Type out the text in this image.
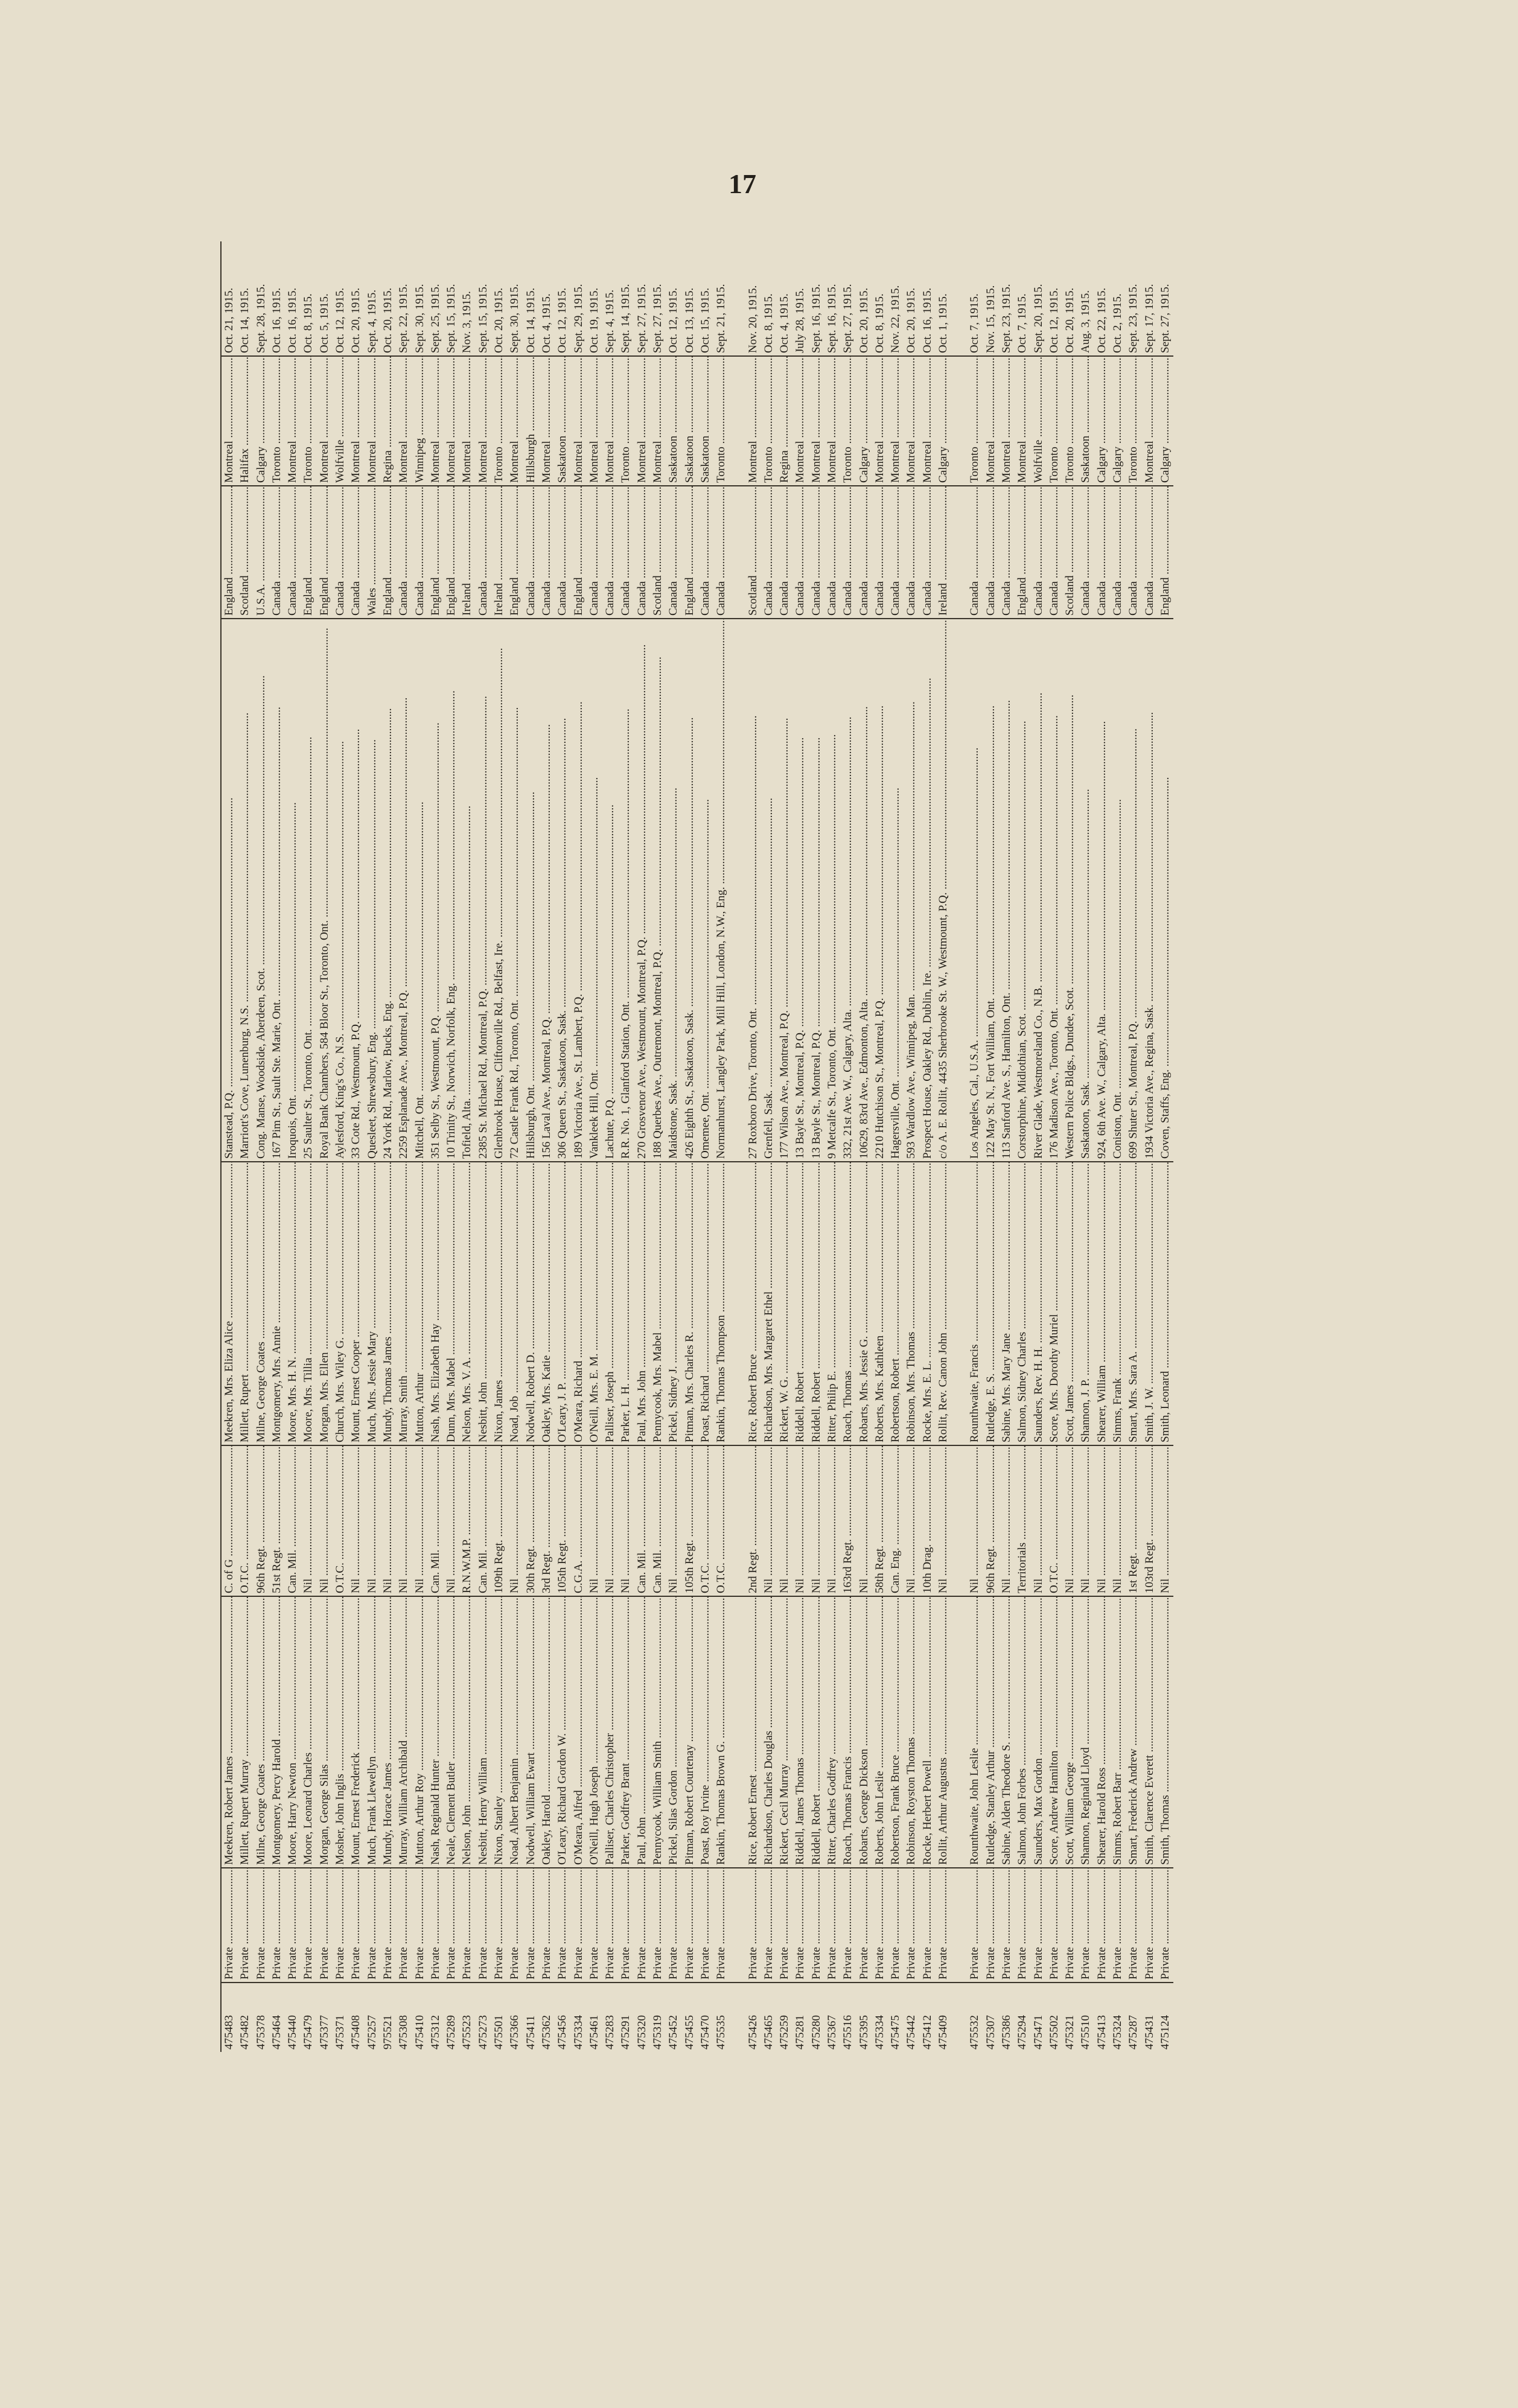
17
475483	Private .....	Meekren, Robert James .....	C. of G .....	Meekren, Mrs. Eliza Alice .....	Stanstead, P.Q. .....	England .....	Montreal .....	Oct. 21, 1915.
475482	Private .....	Millett, Rupert Murray .....	O.T.C. .....	Millett, Rupert .....	Marriott's Cove, Lunenburg, N.S. .....	Scotland .....	Halifax .....	Oct. 14, 1915.
475378	Private .....	Milne, George Coates .....	96th Regt. .....	Milne, George Coates .....	Cong. Manse, Woodside, Aberdeen, Scot. .....	U.S.A. .....	Calgary .....	Sept. 28, 1915.
475464	Private .....	Montgomery, Percy Harold .....	51st Regt. .....	Montgomery, Mrs. Annie .....	167 Pim St., Sault Ste. Marie, Ont. .....	Canada .....	Toronto .....	Oct. 16, 1915.
475440	Private .....	Moore, Harry Newton .....	Can. Mil. .....	Moore, Mrs. H. N. .....	Iroquois, Ont. .....	Canada .....	Montreal .....	Oct. 16, 1915.
475479	Private .....	Moore, Leonard Charles .....	Nil .....	Moore, Mrs. Tillia .....	25 Saulter St., Toronto, Ont. .....	England .....	Toronto .....	Oct. 8, 1915.
475377	Private .....	Morgan, George Silas .....	Nil .....	Morgan, Mrs. Ellen .....	Royal Bank Chambers, 584 Bloor St., Toronto, Ont. .....	England .....	Montreal .....	Oct. 5, 1915.
475371	Private .....	Mosher, John Inglis .....	O.T.C. .....	Church, Mrs. Wiley G. .....	Aylesford, King's Co., N.S. .....	Canada .....	Wolfville .....	Oct. 12, 1915.
475408	Private .....	Mount, Ernest Frederick .....	Nil .....	Mount, Ernest Cooper .....	33 Cote Rd., Westmount, P.Q. .....	Canada .....	Montreal .....	Oct. 20, 1915.
475257	Private .....	Much, Frank Llewellyn .....	Nil .....	Much, Mrs. Jessie Mary .....	Quesleet, Shrewsbury, Eng. .....	Wales .....	Montreal .....	Sept. 4, 1915.
975521	Private .....	Mundy, Horace James .....	Nil .....	Mundy, Thomas James .....	24 York Rd., Marlow, Bucks, Eng. .....	England .....	Regina .....	Oct. 20, 1915.
475308	Private .....	Murray, William Archibald .....	Nil .....	Murray, Smith .....	2259 Esplanade Ave., Montreal, P.Q. .....	Canada .....	Montreal .....	Sept. 22, 1915.
475410	Private .....	Mutton, Arthur Roy .....	Nil .....	Mutton, Arthur .....	Mitchell, Ont. .....	Canada .....	Winnipeg .....	Sept. 30, 1915.
475312	Private .....	Nash, Reginald Hunter .....	Can. Mil. .....	Nash, Mrs. Elizabeth Hay .....	351 Selby St., Westmount, P.Q. .....	England .....	Montreal .....	Sept. 25, 1915.
475289	Private .....	Neale, Clement Butler .....	Nil .....	Dunn, Mrs. Mabel .....	10 Trinity St., Norwich, Norfolk, Eng. .....	England .....	Montreal .....	Sept. 15, 1915.
475523	Private .....	Nelson, John .....	R.N.W.M.P. .....	Nelson, Mrs. V. A. .....	Tofield, Alta. .....	Ireland .....	Montreal .....	Nov. 3, 1915.
475273	Private .....	Nesbitt, Henry William .....	Can. Mil. .....	Nesbitt, John .....	2385 St. Michael Rd., Montreal, P.Q. .....	Canada .....	Montreal .....	Sept. 15, 1915.
475501	Private .....	Nixon, Stanley .....	109th Regt. .....	Nixon, James .....	Glenbrook House, Cliftonville Rd., Belfast, Ire. .....	Ireland .....	Toronto .....	Oct. 20, 1915.
475366	Private .....	Noad, Albert Benjamin .....	Nil .....	Noad, Job .....	72 Castle Frank Rd., Toronto, Ont. .....	England .....	Montreal .....	Sept. 30, 1915.
475411	Private .....	Nodwell, William Ewart .....	30th Regt. .....	Nodwell, Robert D. .....	Hillsburgh, Ont. .....	Canada .....	Hillsburgh .....	Oct. 14, 1915.
475362	Private .....	Oakley, Harold .....	3rd Regt. .....	Oakley, Mrs. Katie .....	156 Laval Ave., Montreal, P.Q. .....	Canada .....	Montreal .....	Oct. 4, 1915.
475456	Private .....	O'Leary, Richard Gordon W. .....	105th Regt. .....	O'Leary, J. P. .....	306 Queen St., Saskatoon, Sask. .....	Canada .....	Saskatoon .....	Oct. 12, 1915.
475334	Private .....	O'Meara, Alfred .....	C.G.A. .....	O'Meara, Richard .....	189 Victoria Ave., St. Lambert, P.Q. .....	England .....	Montreal .....	Sept. 29, 1915.
475461	Private .....	O'Neill, Hugh Joseph .....	Nil .....	O'Neill, Mrs. E. M. .....	Vankleek Hill, Ont. .....	Canada .....	Montreal .....	Oct. 19, 1915.
475283	Private .....	Palliser, Charles Christopher .....	Nil .....	Palliser, Joseph .....	Lachute, P.Q. .....	Canada .....	Montreal .....	Sept. 4, 1915.
475291	Private .....	Parker, Godfrey Brant .....	Nil .....	Parker, L. H. .....	R.R. No. 1, Glanford Station, Ont. .....	Canada .....	Toronto .....	Sept. 14, 1915.
475320	Private .....	Paul, John .....	Can. Mil. .....	Paul, Mrs. John .....	270 Grosvenor Ave., Westmount, Montreal, P.Q. .....	Canada .....	Montreal .....	Sept. 27, 1915.
475319	Private .....	Pennycook, William Smith .....	Can. Mil. .....	Pennycook, Mrs. Mabel .....	188 Querbes Ave., Outremont, Montreal, P.Q. .....	Scotland .....	Montreal .....	Sept. 27, 1915.
475452	Private .....	Pickel, Silas Gordon .....	Nil .....	Pickel, Sidney J. .....	Maidstone, Sask. .....	Canada .....	Saskatoon .....	Oct. 12, 1915.
475455	Private .....	Pitman, Robert Courtenay .....	105th Regt. .....	Pitman, Mrs. Charles R. .....	426 Eighth St., Saskatoon, Sask. .....	England .....	Saskatoon .....	Oct. 13, 1915.
475470	Private .....	Poast, Roy Irvine .....	O.T.C. .....	Poast, Richard .....	Omemee, Ont. .....	Canada .....	Saskatoon .....	Oct. 15, 1915.
475535	Private .....	Rankin, Thomas Brown G. .....	O.T.C. .....	Rankin, Thomas Thompson .....	Normanhurst, Langley Park, Mill Hill, London, N.W., Eng. .....	Canada .....	Toronto .....	Sept. 21, 1915.

475426	Private .....	Rice, Robert Ernest .....	2nd Regt. .....	Rice, Robert Bruce .....	27 Roxboro Drive, Toronto, Ont. .....	Scotland .....	Montreal .....	Nov. 20, 1915.
475465	Private .....	Richardson, Charles Douglas .....	Nil .....	Richardson, Mrs. Margaret Ethel .....	Grenfell, Sask. .....	Canada .....	Toronto .....	Oct. 8, 1915.
475259	Private .....	Rickert, Cecil Murray .....	Nil .....	Rickert, W. G. .....	177 Wilson Ave., Montreal, P.Q. .....	Canada .....	Regina .....	Oct. 4, 1915.
475281	Private .....	Riddell, James Thomas .....	Nil .....	Riddell, Robert .....	13 Bayle St., Montreal, P.Q. .....	Canada .....	Montreal .....	July 28, 1915.
475280	Private .....	Riddell, Robert .....	Nil .....	Riddell, Robert .....	13 Bayle St., Montreal, P.Q. .....	Canada .....	Montreal .....	Sept. 16, 1915.
475367	Private .....	Ritter, Charles Godfrey .....	Nil .....	Ritter, Philip E. .....	9 Metcalfe St., Toronto, Ont. .....	Canada .....	Montreal .....	Sept. 16, 1915.
475516	Private .....	Roach, Thomas Francis .....	163rd Regt. .....	Roach, Thomas .....	332, 21st Ave. W., Calgary, Alta. .....	Canada .....	Toronto .....	Sept. 27, 1915.
475395	Private .....	Robarts, George Dickson .....	Nil .....	Robarts, Mrs. Jessie G. .....	10629, 83rd Ave., Edmonton, Alta. .....	Canada .....	Calgary .....	Oct. 20, 1915.
475334	Private .....	Roberts, John Leslie .....	58th Regt. .....	Roberts, Mrs. Kathleen .....	2210 Hutchison St., Montreal, P.Q. .....	Canada .....	Montreal .....	Oct. 8, 1915.
475475	Private .....	Robertson, Frank Bruce .....	Can. Eng. .....	Robertson, Robert .....	Hagersville, Ont. .....	Canada .....	Montreal .....	Nov. 22, 1915.
475442	Private .....	Robinson, Royston Thomas .....	Nil .....	Robinson, Mrs. Thomas .....	593 Wardlow Ave., Winnipeg, Man. .....	Canada .....	Montreal .....	Oct. 20, 1915.
475412	Private .....	Rocke, Herbert Powell .....	10th Drag. .....	Rocke, Mrs. E. L. .....	Prospect House, Oakley Rd., Dublin, Ire. .....	Canada .....	Montreal .....	Oct. 16, 1915.
475409	Private .....	Rollit, Arthur Augustus .....	Nil .....	Rollit, Rev. Canon John .....	c/o A. E. Rollit, 4435 Sherbrooke St. W., Westmount, P.Q. .....	Ireland .....	Calgary .....	Oct. 1, 1915.

475532	Private .....	Rounthwaite, John Leslie .....	Nil .....	Rounthwaite, Francis .....	Los Angeles, Cal., U.S.A. .....	Canada .....	Toronto .....	Oct. 7, 1915.
475307	Private .....	Rutledge, Stanley Arthur .....	96th Regt. .....	Rutledge, E. S. .....	122 May St. N., Fort William, Ont. .....	Canada .....	Montreal .....	Nov. 15, 1915.
475386	Private .....	Sabine, Alden Theodore S. .....	Nil .....	Sabine, Mrs. Mary Jane .....	113 Sanford Ave. S., Hamilton, Ont. .....	Canada .....	Montreal .....	Sept. 23, 1915.
475294	Private .....	Salmon, John Forbes .....	Territorials .....	Salmon, Sidney Charles .....	Corstorphine, Midlothian, Scot. .....	England .....	Montreal .....	Oct. 7, 1915.
475471	Private .....	Saunders, Max Gordon .....	Nil .....	Saunders, Rev. H. H. .....	River Glade, Westmoreland Co., N.B. .....	Canada .....	Wolfville .....	Sept. 20, 1915.
475502	Private .....	Score, Andrew Hamilton .....	O.T.C. .....	Score, Mrs. Dorothy Muriel .....	176 Madison Ave., Toronto, Ont. .....	Canada .....	Toronto .....	Oct. 12, 1915.
475321	Private .....	Scott, William George .....	Nil .....	Scott, James .....	Western Police Bldgs., Dundee, Scot. .....	Scotland .....	Toronto .....	Oct. 20, 1915.
475510	Private .....	Shannon, Reginald Lloyd .....	Nil .....	Shannon, J. P. .....	Saskatoon, Sask. .....	Canada .....	Saskatoon .....	Aug. 3, 1915.
475413	Private .....	Shearer, Harold Ross .....	Nil .....	Shearer, William .....	924, 6th Ave. W., Calgary, Alta. .....	Canada .....	Calgary .....	Oct. 22, 1915.
475324	Private .....	Simms, Robert Barr .....	Nil .....	Simms, Frank .....	Coniston, Ont. .....	Canada .....	Calgary .....	Oct. 2, 1915.
475287	Private .....	Smart, Frederick Andrew .....	1st Regt. .....	Smart, Mrs. Sara A. .....	699 Shuter St., Montreal, P.Q. .....	Canada .....	Toronto .....	Sept. 23, 1915.
475431	Private .....	Smith, Clarence Everett .....	103rd Regt. .....	Smith, J. W. .....	1934 Victoria Ave., Regina, Sask. .....	Canada .....	Montreal .....	Sept. 17, 1915.
475124	Private .....	Smith, Thomas .....	Nil .....	Smith, Leonard .....	Coven, Staffs, Eng. .....	England .....	Calgary .....	Sept. 27, 1915.
